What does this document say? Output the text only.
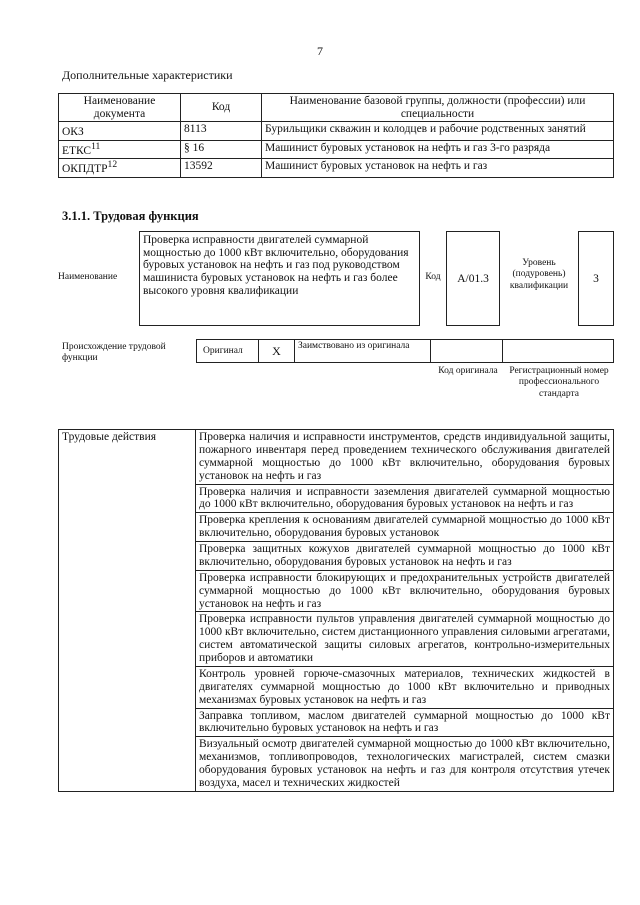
7
Дополнительные характеристики
Наименование документа	Код	Наименование базовой группы, должности (профессии) или специальности
ОКЗ	8113	Бурильщики скважин и колодцев и рабочие родственных занятий
ЕТКС$^{11}$	§ 16	Машинист буровых установок на нефть и газ 3-го разряда
ОКПДТР$^{12}$	13592	Машинист буровых установок на нефть и газ
3.1.1. Трудовая функция
Наименование
Проверка исправности двигателей суммарной мощностью до 1000 кВт включительно, оборудования буровых установок на нефть и газ под руководством машиниста буровых установок на нефть и газ более высокого уровня квалификации
Код	А/01.3
Уровень (подуровень) квалификации
3
Происхождение трудовой функции
Оригинал	X	Заимствовано из оригинала
Код оригинала	Регистрационный номер профессионального стандарта
Трудовые действия	Проверка наличия и исправности инструментов, средств индивидуальной защиты, пожарного инвентаря перед проведением технического обслуживания двигателей суммарной мощностью до 1000 кВт включительно, оборудования буровых установок на нефть и газ
Проверка наличия и исправности заземления двигателей суммарной мощностью до 1000 кВт включительно, оборудования буровых установок на нефть и газ
Проверка крепления к основаниям двигателей суммарной мощностью до 1000 кВт включительно, оборудования буровых установок
Проверка защитных кожухов двигателей суммарной мощностью до 1000 кВт включительно, оборудования буровых установок на нефть и газ
Проверка исправности блокирующих и предохранительных устройств двигателей суммарной мощностью до 1000 кВт включительно, оборудования буровых установок на нефть и газ
Проверка исправности пультов управления двигателей суммарной мощностью до 1000 кВт включительно, систем дистанционного управления силовыми агрегатами, систем автоматической защиты силовых агрегатов, контрольно-измерительных приборов и автоматики
Контроль уровней горюче-смазочных материалов, технических жидкостей в двигателях суммарной мощностью до 1000 кВт включительно и приводных механизмах буровых установок на нефть и газ
Заправка топливом, маслом двигателей суммарной мощностью до 1000 кВт включительно буровых установок на нефть и газ
Визуальный осмотр двигателей суммарной мощностью до 1000 кВт включительно, механизмов, топливопроводов, технологических магистралей, систем смазки оборудования буровых установок на нефть и газ для контроля отсутствия утечек воздуха, масел и технических жидкостей
